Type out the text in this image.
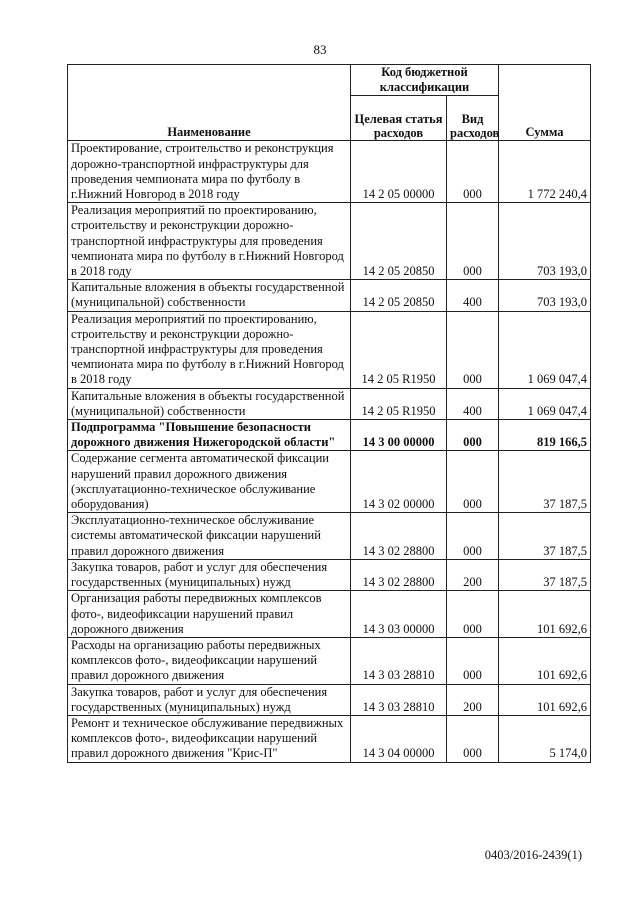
83
Наименование	Код бюджетной классификации		Сумма
	Целевая статья расходов	Вид расходов	
Проектирование, строительство и реконструкция дорожно-транспортной инфраструктуры для проведения чемпионата мира по футболу в г.Нижний Новгород в 2018 году	14 2 05 00000	000	1 772 240,4
Реализация мероприятий по проектированию, строительству и реконструкции дорожно-транспортной инфраструктуры для проведения чемпионата мира по футболу в г.Нижний Новгород в 2018 году	14 2 05 20850	000	703 193,0
Капитальные вложения в объекты государственной (муниципальной) собственности	14 2 05 20850	400	703 193,0
Реализация мероприятий по проектированию, строительству и реконструкции дорожно-транспортной инфраструктуры для проведения чемпионата мира по футболу в г.Нижний Новгород в 2018 году	14 2 05 R1950	000	1 069 047,4
Капитальные вложения в объекты государственной (муниципальной) собственности	14 2 05 R1950	400	1 069 047,4
Подпрограмма "Повышение безопасности дорожного движения Нижегородской области"	14 3 00 00000	000	819 166,5
Содержание сегмента автоматической фиксации нарушений правил дорожного движения (эксплуатационно-техническое обслуживание оборудования)	14 3 02 00000	000	37 187,5
Эксплуатационно-техническое обслуживание системы автоматической фиксации нарушений правил дорожного движения	14 3 02 28800	000	37 187,5
Закупка товаров, работ и услуг для обеспечения государственных (муниципальных) нужд	14 3 02 28800	200	37 187,5
Организация работы передвижных комплексов фото-, видеофиксации нарушений правил дорожного движения	14 3 03 00000	000	101 692,6
Расходы на организацию работы передвижных комплексов фото-, видеофиксации нарушений правил дорожного движения	14 3 03 28810	000	101 692,6
Закупка товаров, работ и услуг для обеспечения государственных (муниципальных) нужд	14 3 03 28810	200	101 692,6
Ремонт и техническое обслуживание передвижных комплексов фото-, видеофиксации нарушений правил дорожного движения "Крис-П"	14 3 04 00000	000	5 174,0
0403/2016-2439(1)
